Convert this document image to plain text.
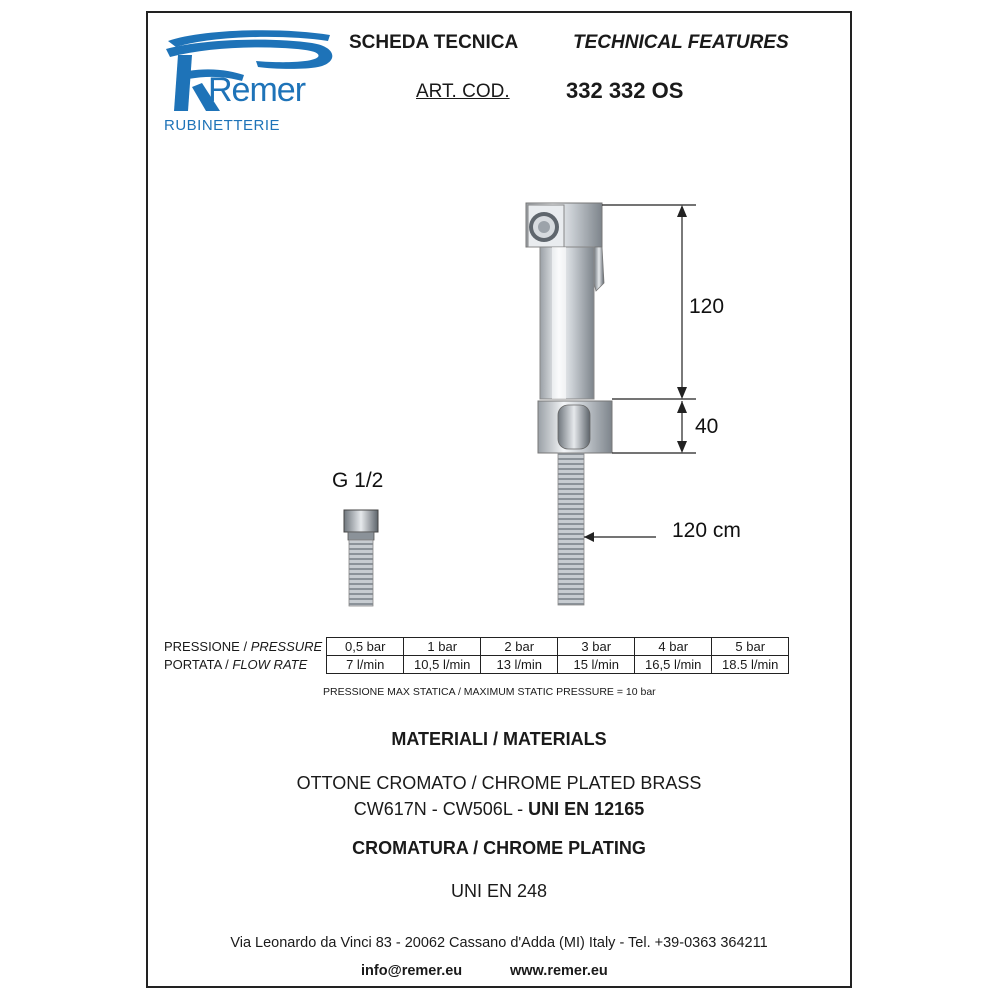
Remer
RUBINETTERIE
SCHEDA TECNICA	TECHNICAL FEATURES
ART. COD.	332 332 OS
120
40
120 cm
G 1/2
PRESSIONE / PRESSURE	0,5 bar	1 bar	2 bar	3 bar	4 bar	5 bar
PORTATA / FLOW RATE	7 l/min	10,5 l/min	13 l/min	15 l/min	16,5 l/min	18.5 l/min
PRESSIONE MAX STATICA / MAXIMUM STATIC PRESSURE = 10 bar
MATERIALI / MATERIALS
OTTONE CROMATO / CHROME PLATED BRASS
CW617N - CW506L - UNI EN 12165
CROMATURA / CHROME PLATING
UNI EN 248
Via Leonardo da Vinci 83 - 20062 Cassano d'Adda (MI) Italy - Tel. +39-0363 364211
info@remer.eu	www.remer.eu
